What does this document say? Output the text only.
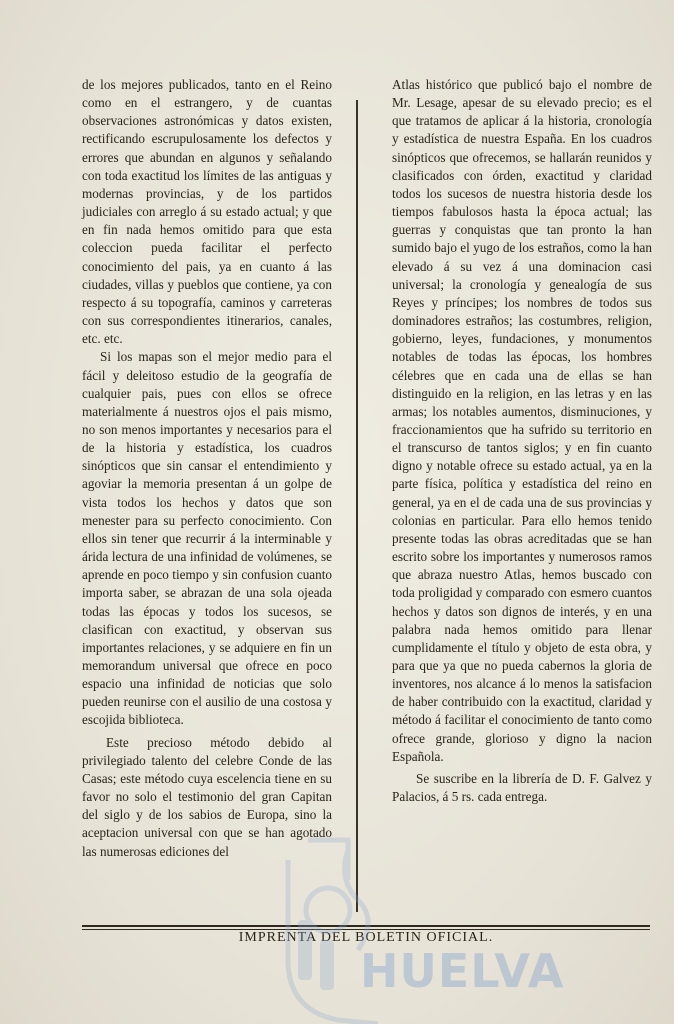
de los mejores publicados, tanto en el Reino como en el estrangero, y de cuantas observaciones astronómicas y datos existen, rectificando escrupulosamente los defectos y errores que abundan en algunos y señalando con toda exactitud los límites de las antiguas y modernas provincias, y de los partidos judiciales con arreglo á su estado actual; y que en fin nada hemos omitido para que esta coleccion pueda facilitar el perfecto conocimiento del pais, ya en cuanto á las ciudades, villas y pueblos que contiene, ya con respecto á su topografía, caminos y carreteras con sus correspondientes itinerarios, canales, etc. etc.

Si los mapas son el mejor medio para el fácil y deleitoso estudio de la geografía de cualquier pais, pues con ellos se ofrece materialmente á nuestros ojos el pais mismo, no son menos importantes y necesarios para el de la historia y estadística, los cuadros sinópticos que sin cansar el entendimiento y agoviar la memoria presentan á un golpe de vista todos los hechos y datos que son menester para su perfecto conocimiento. Con ellos sin tener que recurrir á la interminable y árida lectura de una infinidad de volúmenes, se aprende en poco tiempo y sin confusion cuanto importa saber, se abrazan de una sola ojeada todas las épocas y todos los sucesos, se clasifican con exactitud, y observan sus importantes relaciones, y se adquiere en fin un memorandum universal que ofrece en poco espacio una infinidad de noticias que solo pueden reunirse con el ausilio de una costosa y escojida biblioteca.

Este precioso método debido al privilegiado talento del celebre Conde de las Casas; este método cuya escelencia tiene en su favor no solo el testimonio del gran Capitan del siglo y de los sabios de Europa, sino la aceptacion universal con que se han agotado las numerosas ediciones del

Atlas histórico que publicó bajo el nombre de Mr. Lesage, apesar de su elevado precio; es el que tratamos de aplicar á la historia, cronología y estadística de nuestra España. En los cuadros sinópticos que ofrecemos, se hallarán reunidos y clasificados con órden, exactitud y claridad todos los sucesos de nuestra historia desde los tiempos fabulosos hasta la época actual; las guerras y conquistas que tan pronto la han sumido bajo el yugo de los estraños, como la han elevado á su vez á una dominacion casi universal; la cronología y genealogía de sus Reyes y príncipes; los nombres de todos sus dominadores estraños; las costumbres, religion, gobierno, leyes, fundaciones, y monumentos notables de todas las épocas, los hombres célebres que en cada una de ellas se han distinguido en la religion, en las letras y en las armas; los notables aumentos, disminuciones, y fraccionamientos que ha sufrido su territorio en el transcurso de tantos siglos; y en fin cuanto digno y notable ofrece su estado actual, ya en la parte física, política y estadística del reino en general, ya en el de cada una de sus provincias y colonias en particular. Para ello hemos tenido presente todas las obras acreditadas que se han escrito sobre los importantes y numerosos ramos que abraza nuestro Atlas, hemos buscado con toda proligidad y comparado con esmero cuantos hechos y datos son dignos de interés, y en una palabra nada hemos omitido para llenar cumplidamente el título y objeto de esta obra, y para que ya que no pueda cabernos la gloria de inventores, nos alcance á lo menos la satisfacion de haber contribuido con la exactitud, claridad y método á facilitar el conocimiento de tanto como ofrece grande, glorioso y digno la nacion Española.

Se suscribe en la librería de D. F. Galvez y Palacios, á 5 rs. cada entrega.

IMPRENTA DEL BOLETIN OFICIAL.
HUELVA
